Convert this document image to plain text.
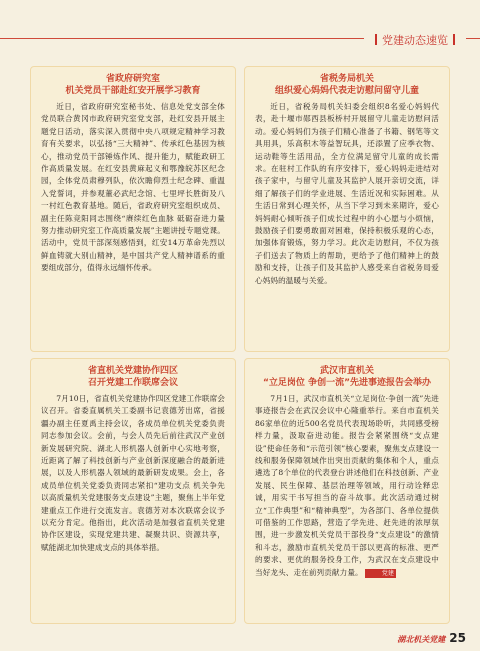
党建动态速览
省政府研究室
机关党员干部赴红安开展学习教育
近日，省政府研究室秘书处、信息处党支部全体党员联合黄冈市政府研究室党支部，赴红安县开展主题党日活动，落实深入贯彻中央八项规定精神学习教育有关要求，以弘扬“三大精神”、传承红色基因为核心，推动党员干部锤炼作风、提升能力，赋能政研工作高质量发展。在红安县黄麻起义和鄂豫皖苏区纪念园，全体党员肃穆列队，依次瞻仰烈士纪念碑、重温入党誓词，并参观董必武纪念馆、七里坪长胜街及八一村红色教育基地。随后，省政府研究室组织成员、副主任陈竞阳同志围绕“赓续红色血脉 砥砺奋进力量 努力推动研究室工作高质量发展”主题讲授专题党课。活动中，党员干部深刻感悟到，红安14万革命先烈以鲜血铸就大别山精神，是中国共产党人精神谱系的重要组成部分，值得永远缅怀传承。
省税务局机关
组织爱心妈妈代表走访慰问留守儿童
近日，省税务局机关妇委会组织8名爱心妈妈代表，赴十堰市郧西县板桥村开展留守儿童走访慰问活动。爱心妈妈们为孩子们精心准备了书籍、钢笔等文具用具，乐高积木等益智玩具，还添置了应季衣物、运动鞋等生活用品，全方位满足留守儿童的成长需求。在驻村工作队的有序安排下，爱心妈妈走进结对孩子家中，与留守儿童及其监护人展开亲切交流，详细了解孩子们的学业进展、生活近况和实际困难。从生活日常到心理关怀，从当下学习到未来期许，爱心妈妈耐心倾听孩子们成长过程中的小心愿与小烦恼，鼓励孩子们要勇敢面对困难，保持积极乐观的心态，加强体育锻炼，努力学习。此次走访慰问，不仅为孩子们送去了物质上的帮助，更给予了他们精神上的鼓励和支持，让孩子们及其监护人感受来自省税务局爱心妈妈的温暖与关爱。
省直机关党建协作四区
召开党建工作联席会议
7月10日，省直机关党建协作四区党建工作联席会议召开。省委直属机关工委副书记袁德芳出席，省援疆办副主任夏禹主持会议，各成员单位机关党委负责同志参加会议。会前，与会人员先后前往武汉产业创新发展研究院、湖北人形机器人创新中心实地考察，近距离了解了科技创新与产业创新深度融合的最新进展，以及人形机器人领域的最新研发成果。会上，各成员单位机关党委负责同志紧扣“建功支点 机关争先 以高质量机关党建服务支点建设”主题，聚焦上半年党建重点工作进行交流发言。袁德芳对本次联席会议予以充分肯定。他指出，此次活动是加强省直机关党建协作区建设，实现党建共建、凝聚共识、资源共享，赋能湖北加快建成支点的具体举措。
武汉市直机关
“立足岗位 争创一流”先进事迹报告会举办
7月1日，武汉市直机关“立足岗位·争创一流”先进事迹报告会在武汉会议中心隆重举行。来自市直机关86家单位的近500名党员代表现场聆听，共同感受榜样力量，汲取奋进动能。报告会紧紧围绕“支点建设”使命任务和“示范引领”核心要素，聚焦支点建设一线和服务保障领域作出突出贡献的集体和个人，重点遴选了8个单位的代表登台讲述他们在科技创新、产业发展、民生保障、基层治理等领域，用行动诠释忠诚，用实干书写担当的奋斗故事。此次活动通过树立“工作典型”和“精神典型”，为各部门、各单位提供可借鉴的工作思路，营造了学先进、赶先进的浓厚氛围，进一步激发机关党员干部投身“支点建设”的激情和斗志，激励市直机关党员干部以更高的标准、更严的要求、更优的服务投身工作，为武汉在支点建设中当好龙头、走在前列贡献力量。	党建
湖北机关党建 25
